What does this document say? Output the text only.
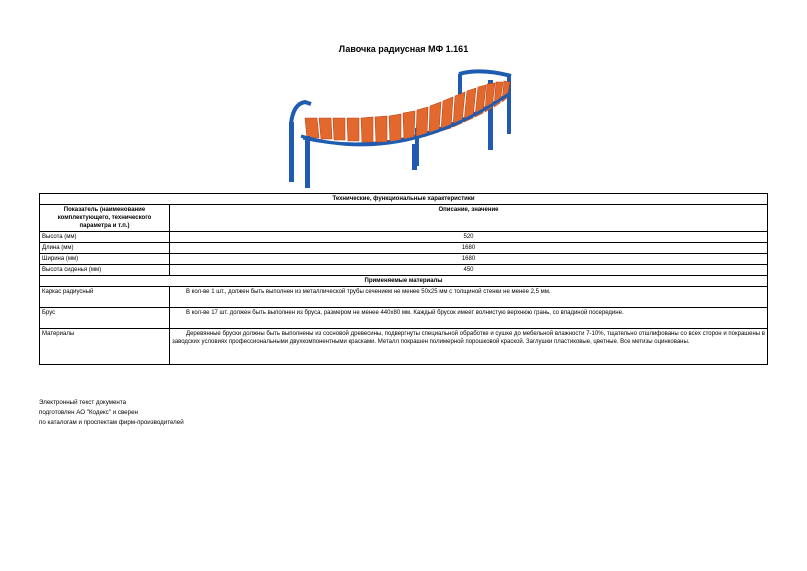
Лавочка радиусная МФ 1.161
Технические, функциональные характеристики	
Показатель (наименование комплектующего, технического параметра и т.п.)	Описание, значение
Высота (мм)	520
Длина (мм)	1680
Ширина (мм)	1680
Высота сиденья (мм)	450
Применяемые материалы	
Каркас радиусный	В кол-ве 1 шт., должен быть выполнен из металлической трубы сечением не менее 50х25 мм с толщиной стенки не менее 2,5 мм.
Брус	В кол-ве 17 шт. должен быть выполнен из бруса, размером не менее 440х80 мм. Каждый брусок имеет волнистую верхнюю грань, со впадиной посередине.
Материалы	Деревянные бруски должны быть выполнены из сосновой древесины, подвергнуты специальной обработке и сушке до мебельной влажности 7-10%, тщательно отшлифованы со всех сторон и покрашены в заводских условиях профессиональными двухкомпонентными красками. Металл покрашен полимерной порошковой краской. Заглушки пластиковые, цветные. Все метизы оцинкованы.
Электронный текст документа
подготовлен АО "Кодекс" и сверен
по каталогам и проспектам фирм-производителей
